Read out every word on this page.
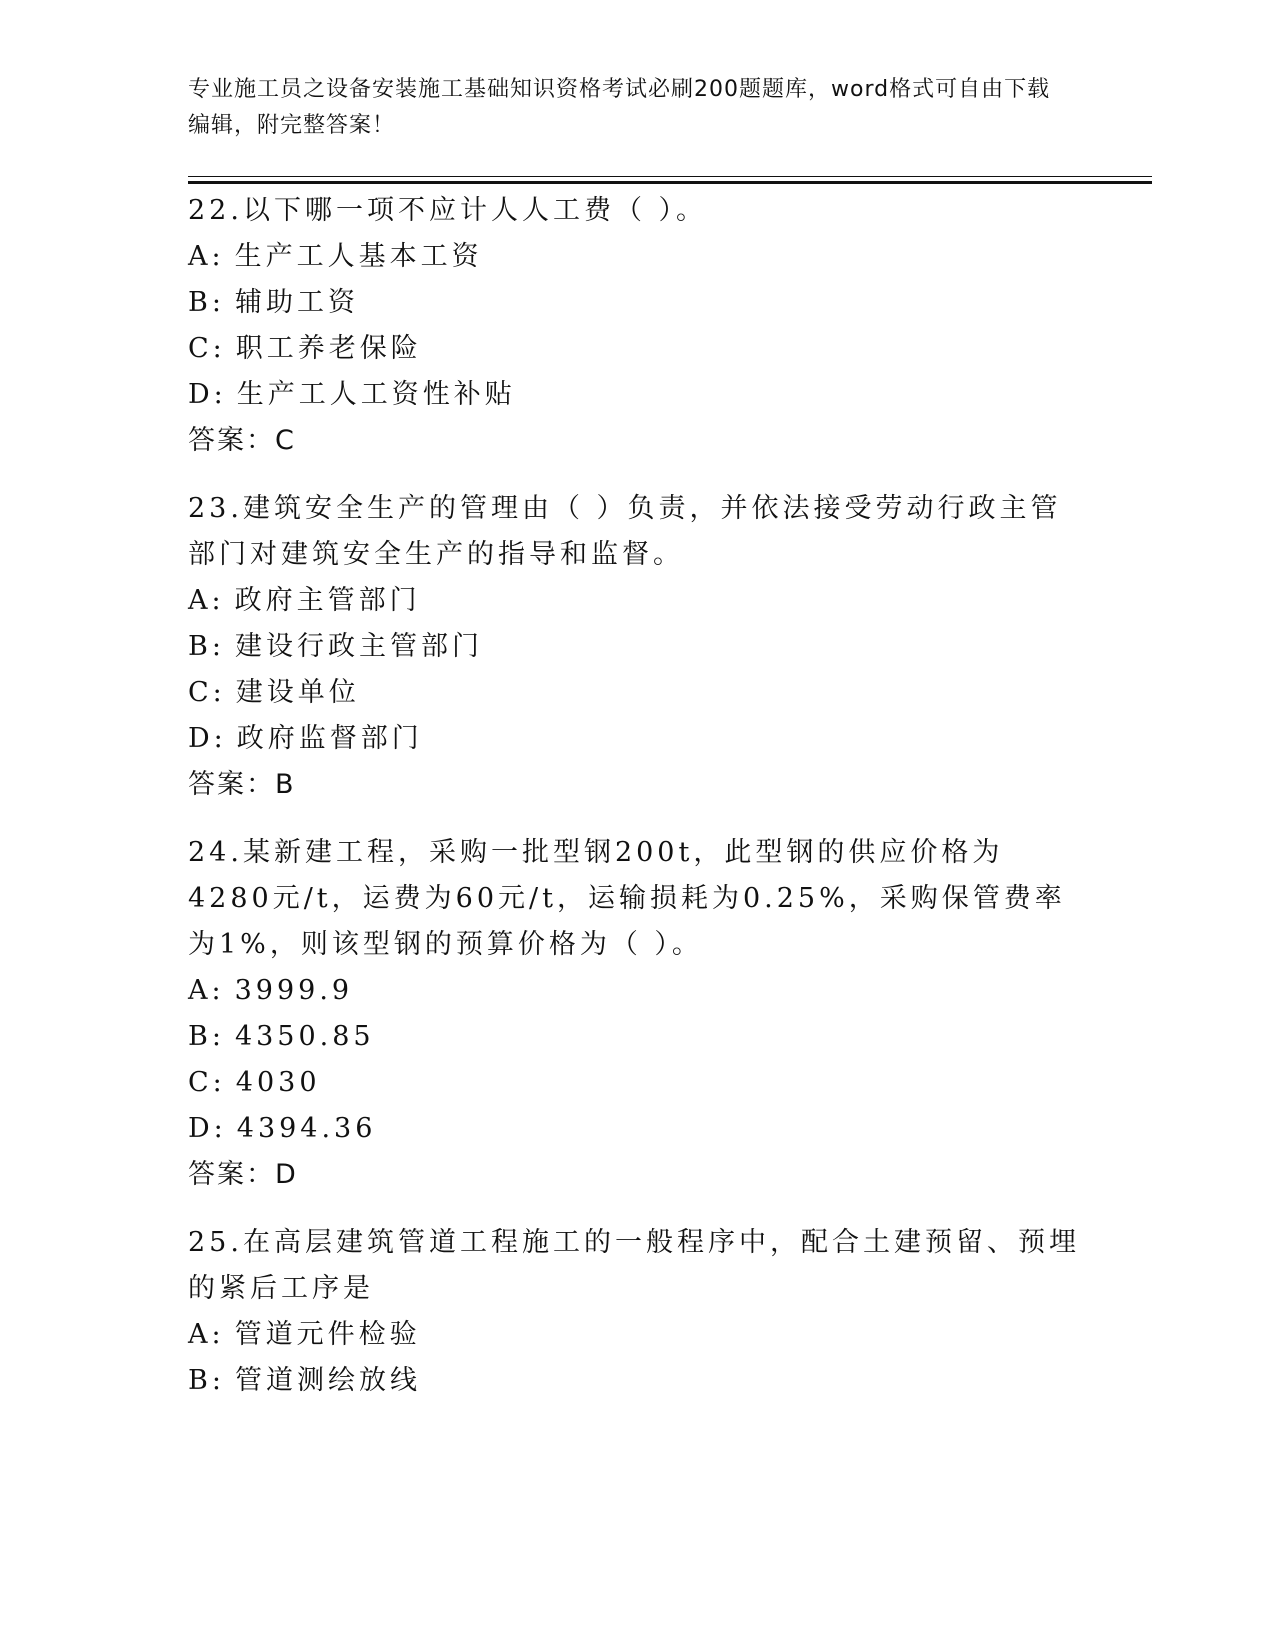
专业施工员之设备安装施工基础知识资格考试必刷200题题库，word格式可自由下载编辑，附完整答案！
22.以下哪一项不应计人人工费（ ）。
A: 生产工人基本工资
B: 辅助工资
C: 职工养老保险
D: 生产工人工资性补贴
答案：C
23.建筑安全生产的管理由（ ）负责，并依法接受劳动行政主管部门对建筑安全生产的指导和监督。
A: 政府主管部门
B: 建设行政主管部门
C: 建设单位
D: 政府监督部门
答案：B
24.某新建工程，采购一批型钢200t，此型钢的供应价格为4280元/t，运费为60元/t，运输损耗为0.25%，采购保管费率为1%，则该型钢的预算价格为（ ）。
A: 3999.9
B: 4350.85
C: 4030
D: 4394.36
答案：D
25.在高层建筑管道工程施工的一般程序中，配合土建预留、预埋的紧后工序是
A: 管道元件检验
B: 管道测绘放线
